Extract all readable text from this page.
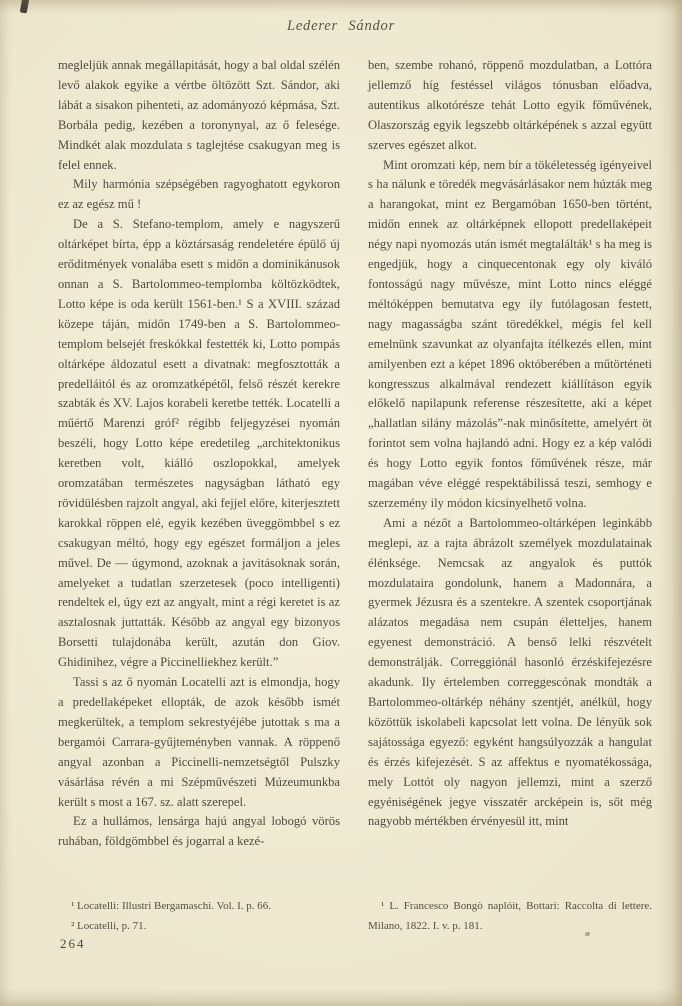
Lederer Sándor

megleljük annak megállapitását, hogy a bal oldal szélén levő alakok egyike a vértbe öltözött Szt. Sándor, aki lábát a sisakon pihenteti, az adományozó képmása, Szt. Borbála pedig, kezében a toronynyal, az ő felesége. Mindkét alak mozdulata s taglejtése csakugyan meg is felel ennek.

Mily harmónia szépségében ragyoghatott egykoron ez az egész mű !

De a S. Stefano-templom, amely e nagyszerű oltárképet bírta, épp a köztársaság rendeletére épülő új erőditmények vonalába esett s midőn a dominikánusok onnan a S. Bartolommeo-templomba költözködtek, Lotto képe is oda került 1561-ben.¹ S a XVIII. század közepe táján, midőn 1749-ben a S. Bartolommeo-templom belsejét freskókkal festették ki, Lotto pompás oltárképe áldozatul esett a divatnak: megfosztották a predelláitól és az oromzatképétől, felső részét kerekre szabták és XV. Lajos korabeli keretbe tették. Locatelli a műértő Marenzi gróf² régibb feljegyzései nyomán beszéli, hogy Lotto képe eredetileg „architektonikus keretben volt, kiálló oszlopokkal, amelyek oromzatában természetes nagyságban látható egy rövidülésben rajzolt angyal, aki fejjel előre, kiterjesztett karokkal röppen elé, egyik kezében üveggömbbel s ez csakugyan méltó, hogy egy egészet formáljon a jeles művel. De — úgymond, azoknak a javitásoknak során, amelyeket a tudatlan szerzetesek (poco intelligenti) rendeltek el, úgy ezt az angyalt, mint a régi keretet is az asztalosnak juttatták. Később az angyal egy bizonyos Borsetti tulajdonába került, azután don Giov. Ghidinihez, végre a Piccinelliekhez került.”

Tassi s az ő nyomán Locatelli azt is elmondja, hogy a predellaképeket ellopták, de azok később ismét megkerültek, a templom sekrestyéjébe jutottak s ma a bergamói Carrara-gyűjteményben vannak. A röppenő angyal azonban a Piccinelli-nemzetségtől Pulszky vásárlása révén a mi Szépművészeti Múzeumunkba került s most a 167. sz. alatt szerepel.

Ez a hullámos, lensárga hajú angyal lobogó vörös ruhában, földgömbbel és jogarral a kezé-

ben, szembe rohanó, röppenő mozdulatban, a Lottóra jellemző híg festéssel világos tónusban előadva, autentikus alkotórésze tehát Lotto egyik főművének, Olaszország egyik legszebb oltárképének s azzal együtt szerves egészet alkot.

Mint oromzati kép, nem bír a tökéletesség igényeivel s ha nálunk e töredék megvásárlásakor nem húzták meg a harangokat, mint ez Bergamóban 1650-ben történt, midőn ennek az oltárképnek ellopott predellaképeit négy napi nyomozás után ismét megtalálták¹ s ha meg is engedjük, hogy a cinquecentonak egy oly kiváló fontosságú nagy művésze, mint Lotto nincs eléggé méltóképpen bemutatva egy ily futólagosan festett, nagy magasságba szánt töredékkel, mégis fel kell emelnünk szavunkat az olyanfajta ítélkezés ellen, mint amilyenben ezt a képet 1896 októberében a műtörténeti kongresszus alkalmával rendezett kiállításon egyik előkelő napilapunk referense részesítette, aki a képet „hallatlan silány mázolás”-nak minősítette, amelyért öt forintot sem volna hajlandó adni. Hogy ez a kép valódi és hogy Lotto egyik fontos főművének része, már magában véve eléggé respektábilissá teszi, semhogy e szerzemény ily módon kicsinyelhető volna.

Ami a nézőt a Bartolommeo-oltárképen leginkább meglepi, az a rajta ábrázolt személyek mozdulatainak élénksége. Nemcsak az angyalok és puttók mozdulataira gondolunk, hanem a Madonnára, a gyermek Jézusra és a szentekre. A szentek csoportjának alázatos megadása nem csupán életteljes, hanem egyenest demonstráció. A benső lelki részvételt demonstrálják. Correggiónál hasonló érzéskifejezésre akadunk. Ily értelemben correggescónak mondták a Bartolommeo-oltárkép néhány szentjét, anélkül, hogy közöttük iskolabeli kapcsolat lett volna. De lényük sok sajátossága egyező: egyként hangsúlyozzák a hangulat és érzés kifejezését. S az affektus e nyomatékossága, mely Lottót oly nagyon jellemzi, mint a szerző egyéniségének jegye visszatér arcképein is, sőt még nagyobb mértékben érvényesül itt, mint

¹ Locatelli: Illustri Bergamaschi. Vol. I. p. 66.
² Locatelli, p. 71.
¹ L. Francesco Bongò naplóit, Bottari: Raccolta di lettere. Milano, 1822. I. v. p. 181.
264
